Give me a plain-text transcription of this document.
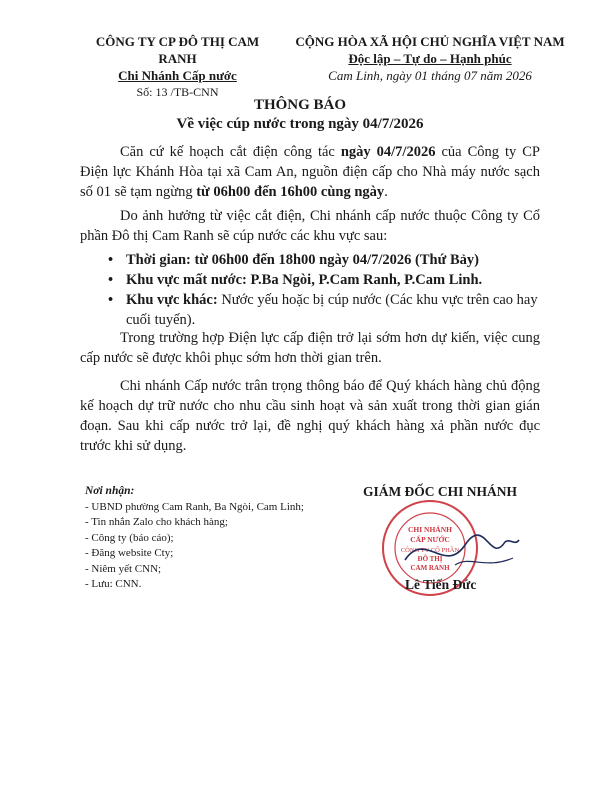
CÔNG TY CP ĐÔ THỊ CAM RANH
Chi Nhánh Cấp nước
Số: 13 /TB-CNN
CỘNG HÒA XÃ HỘI CHỦ NGHĨA VIỆT NAM
Độc lập – Tự do – Hạnh phúc
Cam Linh, ngày 01 tháng 07 năm 2026
THÔNG BÁO
Về việc cúp nước trong ngày 04/7/2026
Căn cứ kế hoạch cắt điện công tác ngày 04/7/2026 của Công ty CP Điện lực Khánh Hòa tại xã Cam An, nguồn điện cấp cho Nhà máy nước sạch số 01 sẽ tạm ngừng từ 06h00 đến 16h00 cùng ngày.
Do ảnh hưởng từ việc cắt điện, Chi nhánh cấp nước thuộc Công ty Cổ phần Đô thị Cam Ranh sẽ cúp nước các khu vực sau:
• Thời gian: từ 06h00 đến 18h00 ngày 04/7/2026 (Thứ Bảy)
• Khu vực mất nước: P.Ba Ngòi, P.Cam Ranh, P.Cam Linh.
• Khu vực khác: Nước yếu hoặc bị cúp nước (Các khu vực trên cao hay cuối tuyến).
Trong trường hợp Điện lực cấp điện trở lại sớm hơn dự kiến, việc cung cấp nước sẽ được khôi phục sớm hơn thời gian trên.
Chi nhánh Cấp nước trân trọng thông báo để Quý khách hàng chủ động kế hoạch dự trữ nước cho nhu cầu sinh hoạt và sản xuất trong thời gian gián đoạn. Sau khi cấp nước trở lại, đề nghị quý khách hàng xả phần nước đục trước khi sử dụng.
Nơi nhận:
- UBND phường Cam Ranh, Ba Ngòi, Cam Linh;
- Tin nhắn Zalo cho khách hàng;
- Công ty (báo cáo);
- Đăng website Cty;
- Niêm yết CNN;
- Lưu: CNN.
GIÁM ĐỐC CHI NHÁNH
CHI NHÁNH
CẤP NƯỚC
CÔNG TY CỔ PHẦN
ĐÔ THỊ
CAM RANH
Lê Tiến Đức
